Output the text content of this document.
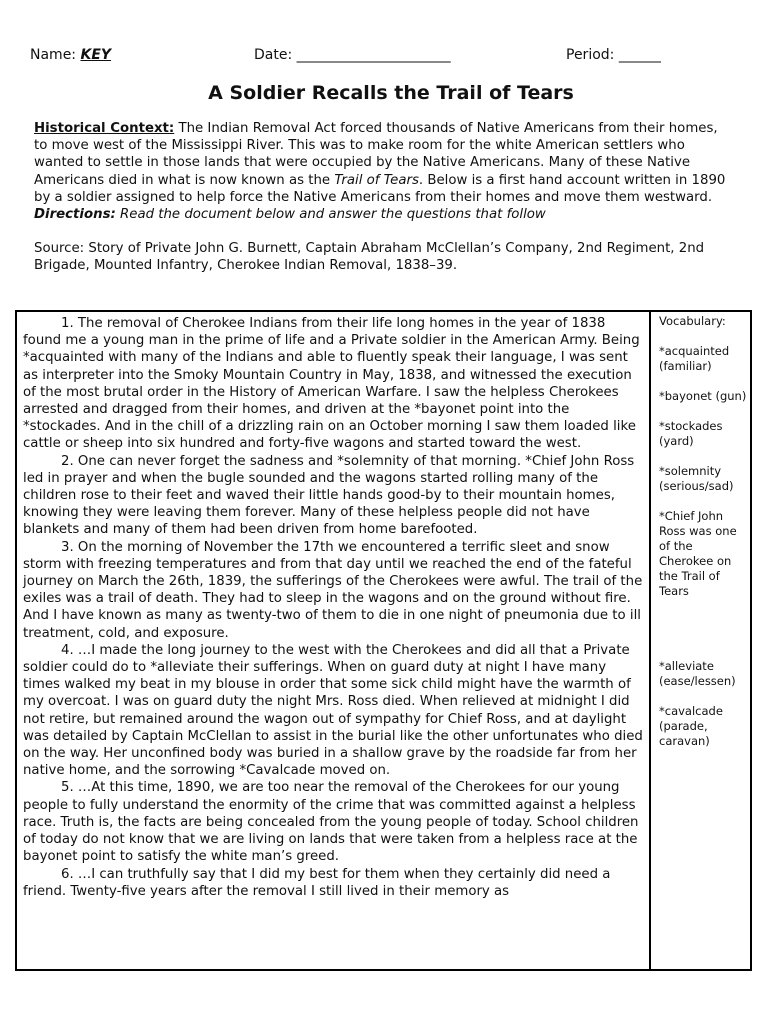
Name: KEY	Date: ______________________	Period: ______
A Soldier Recalls the Trail of Tears

Historical Context: The Indian Removal Act forced thousands of Native Americans from their homes, to move west of the Mississippi River. This was to make room for the white American settlers who wanted to settle in those lands that were occupied by the Native Americans. Many of these Native Americans died in what is now known as the Trail of Tears. Below is a first hand account written in 1890 by a soldier assigned to help force the Native Americans from their homes and move them westward.

Directions: Read the document below and answer the questions that follow

Source: Story of Private John G. Burnett, Captain Abraham McClellan’s Company, 2nd Regiment, 2nd Brigade, Mounted Infantry, Cherokee Indian Removal, 1838–39.

1. The removal of Cherokee Indians from their life long homes in the year of 1838 found me a young man in the prime of life and a Private soldier in the American Army. Being *acquainted with many of the Indians and able to fluently speak their language, I was sent as interpreter into the Smoky Mountain Country in May, 1838, and witnessed the execution of the most brutal order in the History of American Warfare. I saw the helpless Cherokees arrested and dragged from their homes, and driven at the *bayonet point into the *stockades. And in the chill of a drizzling rain on an October morning I saw them loaded like cattle or sheep into six hundred and forty-five wagons and started toward the west.

2. One can never forget the sadness and *solemnity of that morning. *Chief John Ross led in prayer and when the bugle sounded and the wagons started rolling many of the children rose to their feet and waved their little hands good-by to their mountain homes, knowing they were leaving them forever. Many of these helpless people did not have blankets and many of them had been driven from home barefooted.

3. On the morning of November the 17th we encountered a terrific sleet and snow storm with freezing temperatures and from that day until we reached the end of the fateful journey on March the 26th, 1839, the sufferings of the Cherokees were awful. The trail of the exiles was a trail of death. They had to sleep in the wagons and on the ground without fire. And I have known as many as twenty-two of them to die in one night of pneumonia due to ill treatment, cold, and exposure.

4. …I made the long journey to the west with the Cherokees and did all that a Private soldier could do to *alleviate their sufferings. When on guard duty at night I have many times walked my beat in my blouse in order that some sick child might have the warmth of my overcoat. I was on guard duty the night Mrs. Ross died. When relieved at midnight I did not retire, but remained around the wagon out of sympathy for Chief Ross, and at daylight was detailed by Captain McClellan to assist in the burial like the other unfortunates who died on the way. Her unconfined body was buried in a shallow grave by the roadside far from her native home, and the sorrowing *Cavalcade moved on.

5. …At this time, 1890, we are too near the removal of the Cherokees for our young people to fully understand the enormity of the crime that was committed against a helpless race. Truth is, the facts are being concealed from the young people of today. School children of today do not know that we are living on lands that were taken from a helpless race at the bayonet point to satisfy the white man’s greed.

6. …I can truthfully say that I did my best for them when they certainly did need a friend. Twenty-five years after the removal I still lived in their memory as

Vocabulary:
*acquainted (familiar)
*bayonet (gun)
*stockades (yard)
*solemnity (serious/sad)
*Chief John Ross was one of the Cherokee on the Trail of Tears
*alleviate (ease/lessen)
*cavalcade (parade, caravan)
